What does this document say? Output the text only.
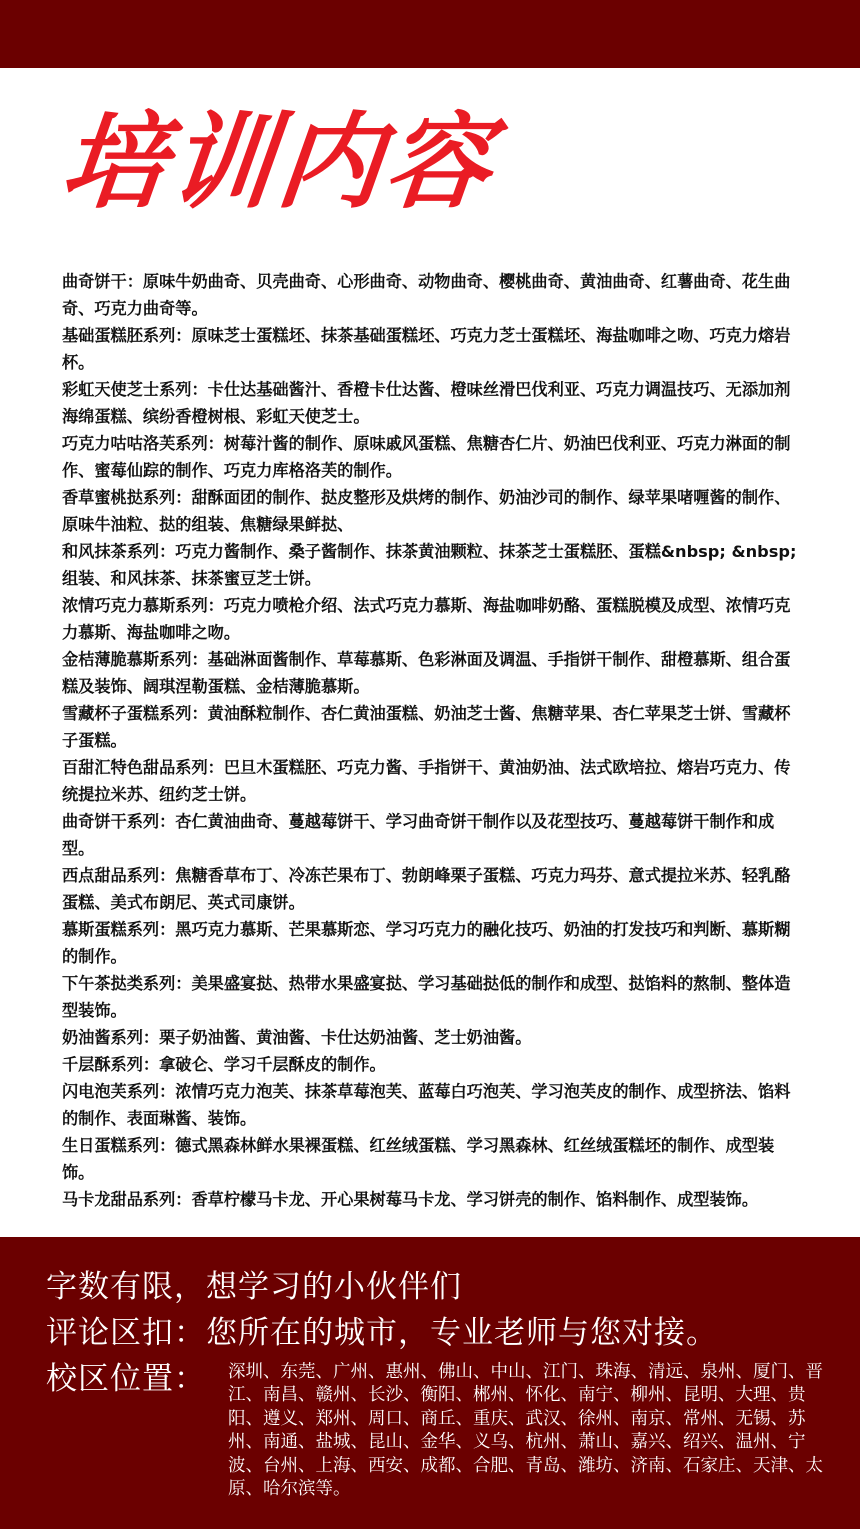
培训内容

曲奇饼干：原味牛奶曲奇、贝壳曲奇、心形曲奇、动物曲奇、樱桃曲奇、黄油曲奇、红薯曲奇、花生曲奇、巧克力曲奇等。

基础蛋糕胚系列：原味芝士蛋糕坯、抹茶基础蛋糕坯、巧克力芝士蛋糕坯、海盐咖啡之吻、巧克力熔岩杯。

彩虹天使芝士系列：卡仕达基础酱汁、香橙卡仕达酱、橙味丝滑巴伐利亚、巧克力调温技巧、无添加剂海绵蛋糕、缤纷香橙树根、彩虹天使芝士。

巧克力咕咕洛芙系列：树莓汁酱的制作、原味戚风蛋糕、焦糖杏仁片、奶油巴伐利亚、巧克力淋面的制作、蜜莓仙踪的制作、巧克力库格洛芙的制作。

香草蜜桃挞系列：甜酥面团的制作、挞皮整形及烘烤的制作、奶油沙司的制作、绿苹果啫喱酱的制作、原味牛油粒、挞的组装、焦糖绿果鲜挞、

和风抹茶系列：巧克力酱制作、桑子酱制作、抹茶黄油颗粒、抹茶芝士蛋糕胚、蛋糕&nbsp; &nbsp;组装、和风抹茶、抹茶蜜豆芝士饼。

浓情巧克力慕斯系列：巧克力喷枪介绍、法式巧克力慕斯、海盐咖啡奶酪、蛋糕脱模及成型、浓情巧克力慕斯、海盐咖啡之吻。

金桔薄脆慕斯系列：基础淋面酱制作、草莓慕斯、色彩淋面及调温、手指饼干制作、甜橙慕斯、组合蛋糕及装饰、阔琪涅勒蛋糕、金桔薄脆慕斯。

雪藏杯子蛋糕系列：黄油酥粒制作、杏仁黄油蛋糕、奶油芝士酱、焦糖苹果、杏仁苹果芝士饼、雪藏杯子蛋糕。

百甜汇特色甜品系列：巴旦木蛋糕胚、巧克力酱、手指饼干、黄油奶油、法式欧培拉、熔岩巧克力、传统提拉米苏、纽约芝士饼。

曲奇饼干系列：杏仁黄油曲奇、蔓越莓饼干、学习曲奇饼干制作以及花型技巧、蔓越莓饼干制作和成型。

西点甜品系列：焦糖香草布丁、冷冻芒果布丁、勃朗峰栗子蛋糕、巧克力玛芬、意式提拉米苏、轻乳酪蛋糕、美式布朗尼、英式司康饼。

慕斯蛋糕系列：黑巧克力慕斯、芒果慕斯恋、学习巧克力的融化技巧、奶油的打发技巧和判断、慕斯糊的制作。

下午茶挞类系列：美果盛宴挞、热带水果盛宴挞、学习基础挞低的制作和成型、挞馅料的熬制、整体造型装饰。

奶油酱系列：栗子奶油酱、黄油酱、卡仕达奶油酱、芝士奶油酱。

千层酥系列：拿破仑、学习千层酥皮的制作。

闪电泡芙系列：浓情巧克力泡芙、抹茶草莓泡芙、蓝莓白巧泡芙、学习泡芙皮的制作、成型挤法、馅料的制作、表面琳酱、装饰。

生日蛋糕系列：德式黑森林鲜水果裸蛋糕、红丝绒蛋糕、学习黑森林、红丝绒蛋糕坯的制作、成型装饰。

马卡龙甜品系列：香草柠檬马卡龙、开心果树莓马卡龙、学习饼壳的制作、馅料制作、成型装饰。

字数有限，想学习的小伙伴们
评论区扣：您所在的城市，专业老师与您对接。
校区位置： 深圳、东莞、广州、惠州、佛山、中山、江门、珠海、清远、泉州、厦门、晋江、南昌、赣州、长沙、衡阳、郴州、怀化、南宁、柳州、昆明、大理、贵阳、遵义、郑州、周口、商丘、重庆、武汉、徐州、南京、常州、无锡、苏州、南通、盐城、昆山、金华、义乌、杭州、萧山、嘉兴、绍兴、温州、宁波、台州、上海、西安、成都、合肥、青岛、潍坊、济南、石家庄、天津、太原、哈尔滨等。
